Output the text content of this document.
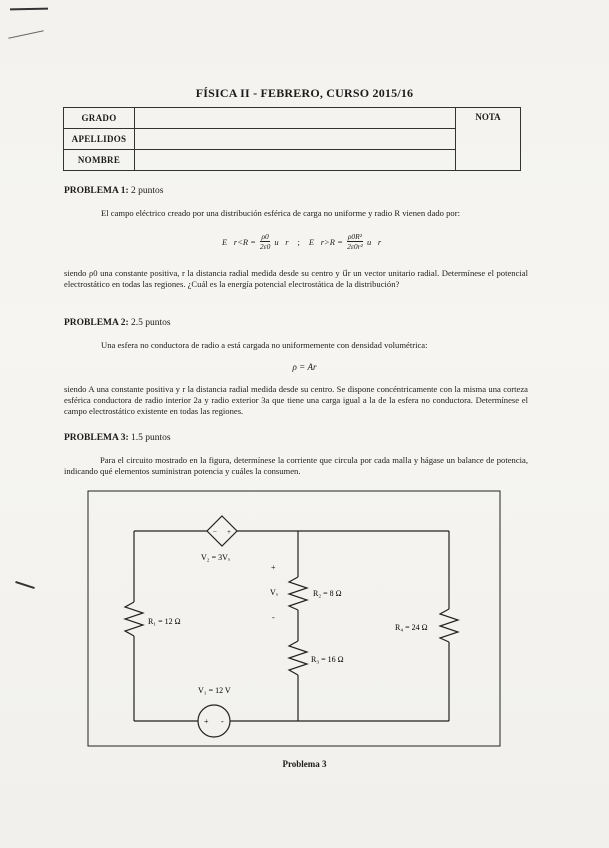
FÍSICA II - FEBRERO, CURSO 2015/16
GRADO		NOTA
APELLIDOS		
NOMBRE		
PROBLEMA 1: 2 puntos
El campo eléctrico creado por una distribución esférica de carga no uniforme y radio R vienen dado por:
E⃗r<R = $\frac{\rho 0}{2\varepsilon 0}$ u⃗r ; E⃗r>R = $\frac{\text{ρ0R²}}{\text{2ε0r²}}$ u⃗r
siendo ρ0 una constante positiva, r la distancia radial medida desde su centro y u⃗r un vector unitario radial. Determínese el potencial electrostático en todas las regiones. ¿Cuál es la energía potencial electrostática de la distribución?
PROBLEMA 2: 2.5 puntos
Una esfera no conductora de radio a está cargada no uniformemente con densidad volumétrica:
ρ = Ar
siendo A una constante positiva y r la distancia radial medida desde su centro. Se dispone concéntricamente con la misma una corteza esférica conductora de radio interior 2a y radio exterior 3a que tiene una carga igual a la de la esfera no conductora. Determínese el campo electrostático existente en todas las regiones.
PROBLEMA 3: 1.5 puntos
Para el circuito mostrado en la figura, determínese la corriente que circula por cada malla y hágase un balance de potencia, indicando qué elementos suministran potencia y cuáles la consumen.
− +
V₂ = 3Vₓ
+
Vₓ
-
R₂ = 8 Ω
R₁ = 12 Ω
R₄ = 24 Ω
R₃ = 16 Ω
V₁ = 12 V
+ -
Problema 3
